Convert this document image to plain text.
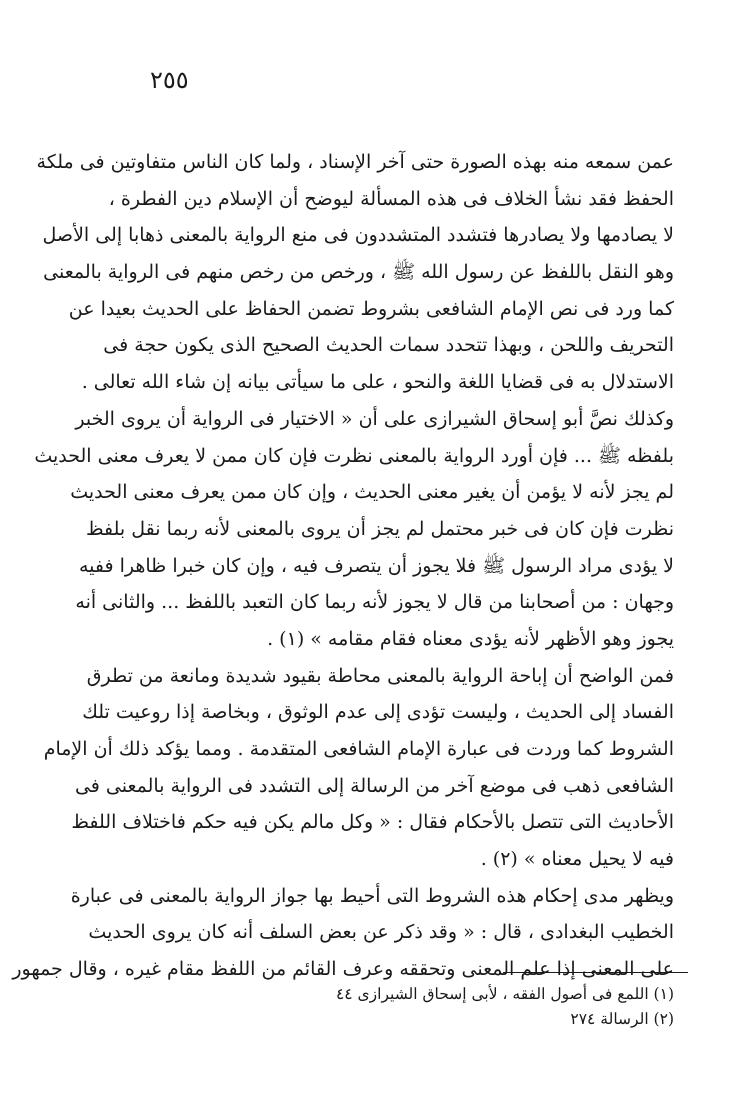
٢٥٥
عمن سمعه منه بهذه الصورة حتى آخر الإسناد ، ولما كان الناس متفاوتين فى ملكة
الحفظ فقد نشأ الخلاف فى هذه المسألة ليوضح أن الإسلام دين الفطرة ،
لا يصادمها ولا يصادرها فتشدد المتشددون فى منع الرواية بالمعنى ذهابا إلى الأصل
وهو النقل باللفظ عن رسول الله ﷺ ، ورخص من رخص منهم فى الرواية بالمعنى
كما ورد فى نص الإمام الشافعى بشروط تضمن الحفاظ على الحديث بعيدا عن
التحريف واللحن ، وبهذا تتحدد سمات الحديث الصحيح الذى يكون حجة فى
الاستدلال به فى قضايا اللغة والنحو ، على ما سيأتى بيانه إن شاء الله تعالى .
وكذلك نصَّ أبو إسحاق الشيرازى على أن « الاختيار فى الرواية أن يروى الخبر
بلفظه ﷺ ... فإن أورد الرواية بالمعنى نظرت فإن كان ممن لا يعرف معنى الحديث
لم يجز لأنه لا يؤمن أن يغير معنى الحديث ، وإن كان ممن يعرف معنى الحديث
نظرت فإن كان فى خبر محتمل لم يجز أن يروى بالمعنى لأنه ربما نقل بلفظ
لا يؤدى مراد الرسول ﷺ فلا يجوز أن يتصرف فيه ، وإن كان خبرا ظاهرا ففيه
وجهان : من أصحابنا من قال لا يجوز لأنه ربما كان التعبد باللفظ ... والثانى أنه
يجوز وهو الأظهر لأنه يؤدى معناه فقام مقامه » (١) .
فمن الواضح أن إباحة الرواية بالمعنى محاطة بقيود شديدة ومانعة من تطرق
الفساد إلى الحديث ، وليست تؤدى إلى عدم الوثوق ، وبخاصة إذا روعيت تلك
الشروط كما وردت فى عبارة الإمام الشافعى المتقدمة . ومما يؤكد ذلك أن الإمام
الشافعى ذهب فى موضع آخر من الرسالة إلى التشدد فى الرواية بالمعنى فى
الأحاديث التى تتصل بالأحكام فقال : « وكل مالم يكن فيه حكم فاختلاف اللفظ
فيه لا يحيل معناه » (٢) .
ويظهر مدى إحكام هذه الشروط التى أحيط بها جواز الرواية بالمعنى فى عبارة
الخطيب البغدادى ، قال : « وقد ذكر عن بعض السلف أنه كان يروى الحديث
على المعنى إذا علم المعنى وتحققه وعرف القائم من اللفظ مقام غيره ، وقال جمهور
(١) اللمع فى أصول الفقه ، لأبى إسحاق الشيرازى ٤٤
(٢) الرسالة ٢٧٤
